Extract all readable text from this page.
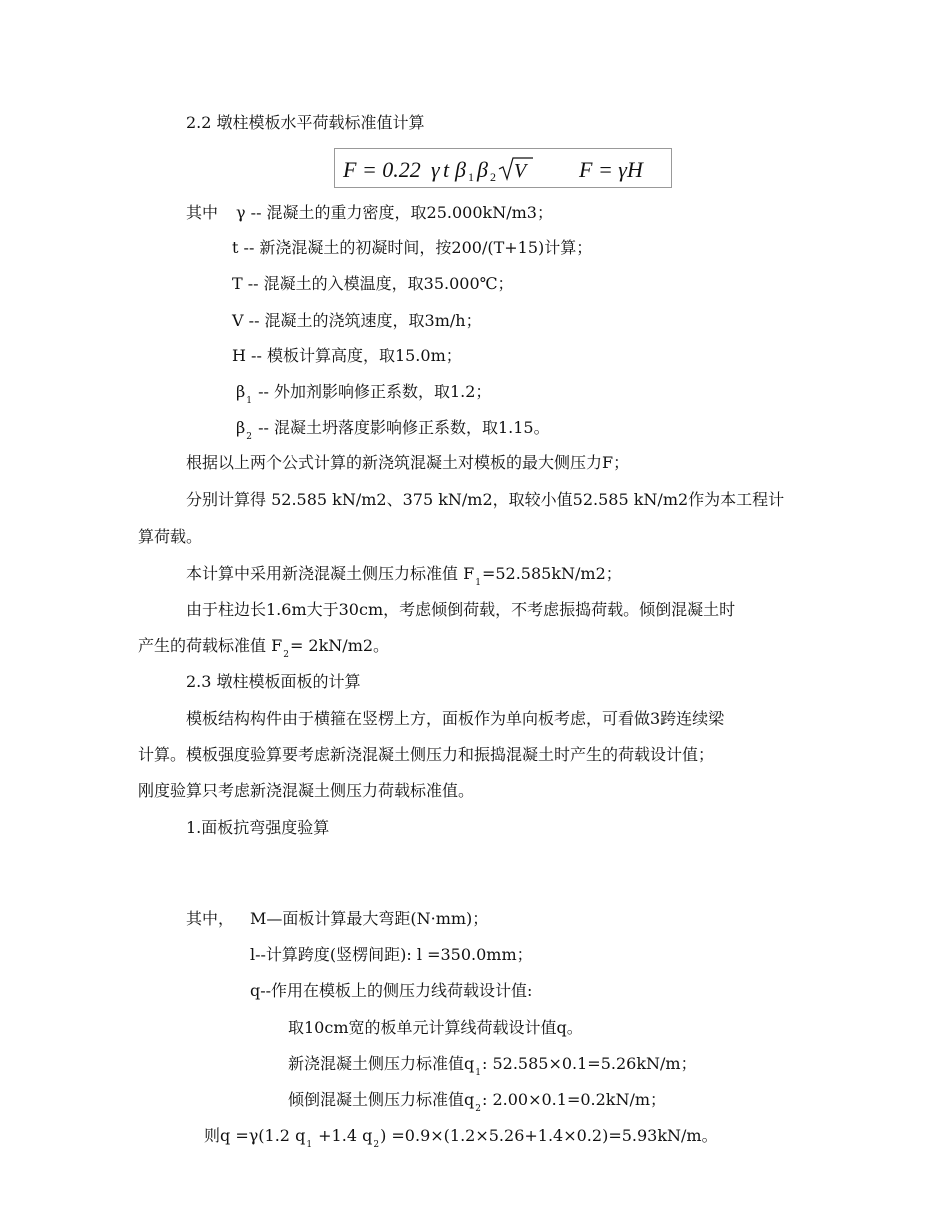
2.2 墩柱模板水平荷载标准值计算
F = 0.22 γ t β 1 β 2 V F = γH
其中 γ -- 混凝土的重力密度，取25.000kN/m3；
t -- 新浇混凝土的初凝时间，按200/(T+15)计算；
T -- 混凝土的入模温度，取35.000℃；
V -- 混凝土的浇筑速度，取3m/h；
H -- 模板计算高度，取15.0m；
$\beta_1$ -- 外加剂影响修正系数，取1.2；
$\beta_2$ -- 混凝土坍落度影响修正系数，取1.15。
根据以上两个公式计算的新浇筑混凝土对模板的最大侧压力F；
分别计算得 52.585 kN/m2、375 kN/m2，取较小值52.585 kN/m2作为本工程计
算荷载。
本计算中采用新浇混凝土侧压力标准值 $F_1=52.585kN/m2$；
由于柱边长1.6m大于30cm，考虑倾倒荷载，不考虑振捣荷载。倾倒混凝土时
产生的荷载标准值 $F_2= 2kN/m2$。
2.3 墩柱模板面板的计算
模板结构构件由于横箍在竖楞上方，面板作为单向板考虑，可看做3跨连续梁
计算。模板强度验算要考虑新浇混凝土侧压力和振捣混凝土时产生的荷载设计值；
刚度验算只考虑新浇混凝土侧压力荷载标准值。
1.面板抗弯强度验算
其中， M—面板计算最大弯距(N·mm)；
l--计算跨度(竖楞间距): l =350.0mm；
q--作用在模板上的侧压力线荷载设计值:
取10cm宽的板单元计算线荷载设计值q。
新浇混凝土侧压力标准值$q_1$: 52.585×0.1=5.26kN/m；
倾倒混凝土侧压力标准值$q_2$: 2.00×0.1=0.2kN/m；
则q =γ(1.2 $q_1 +1.4$ $q_2) =0.9\times(1.2\times 5.26+1.4\times 0.2)=5.93kN/m$。
